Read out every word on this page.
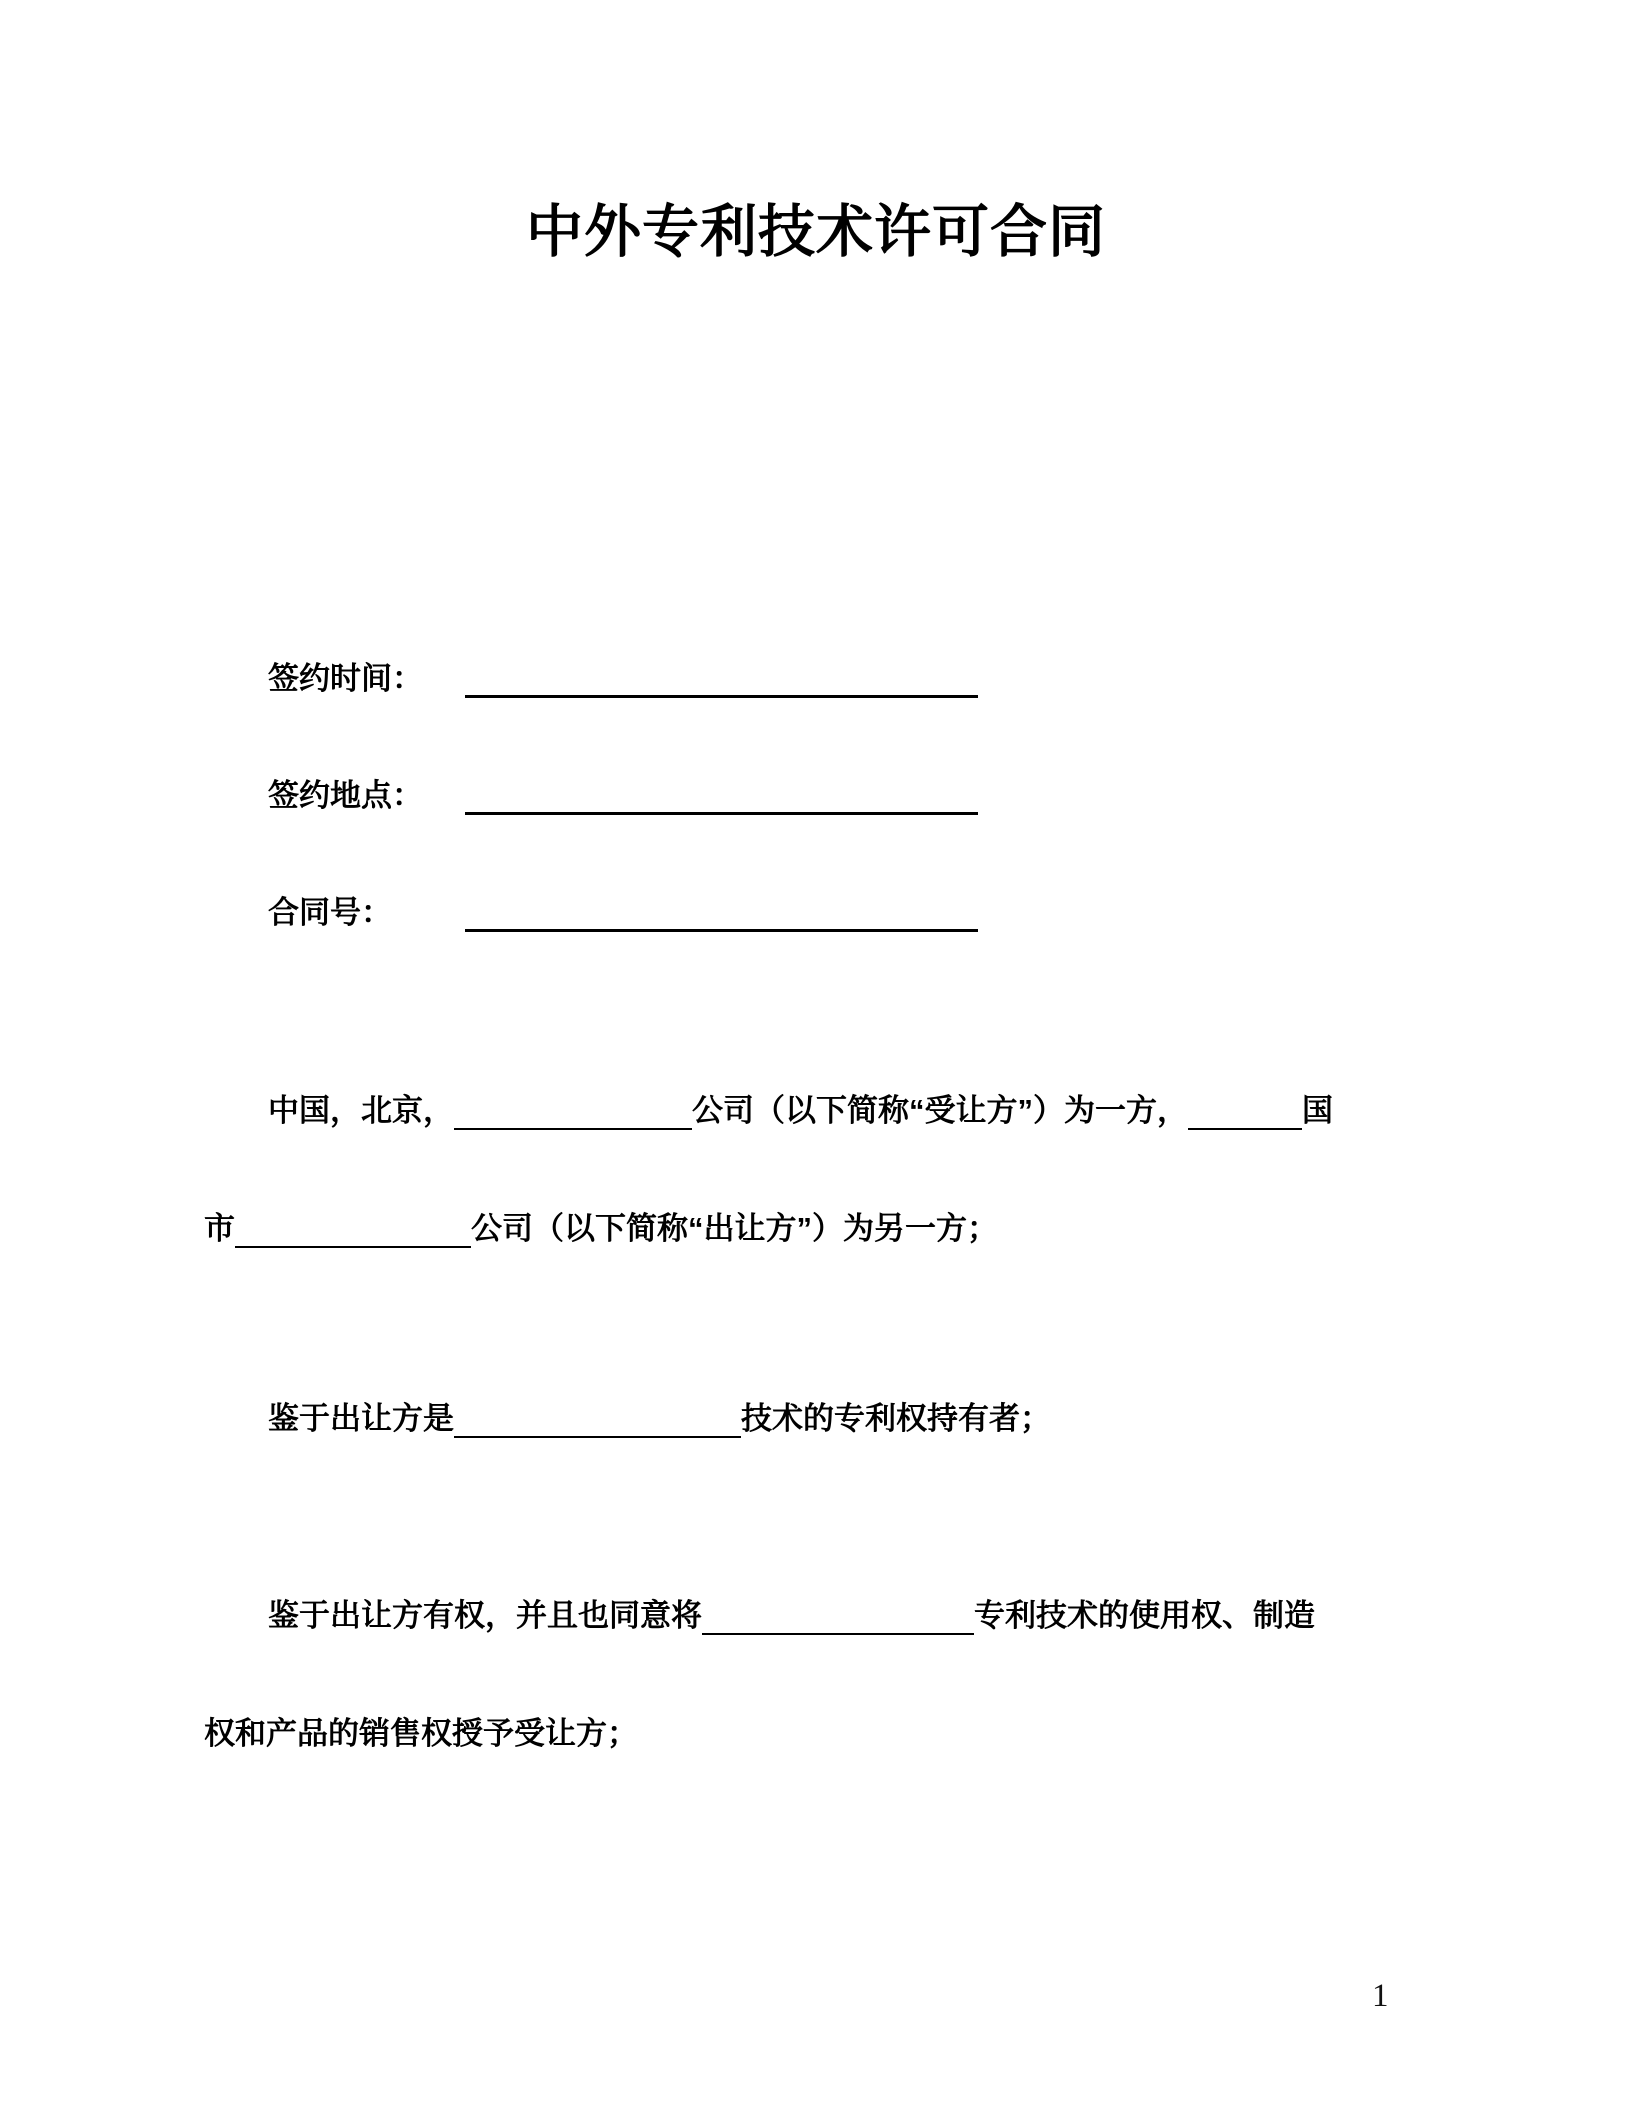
中外专利技术许可合同
签约时间：
签约地点：
合同号：
中国，北京，	公司（以下简称“受让方”）为一方，	国
市	公司（以下简称“出让方”）为另一方；
鉴于出让方是	技术的专利权持有者；
鉴于出让方有权，并且也同意将	专利技术的使用权、制造
权和产品的销售权授予受让方；
1
